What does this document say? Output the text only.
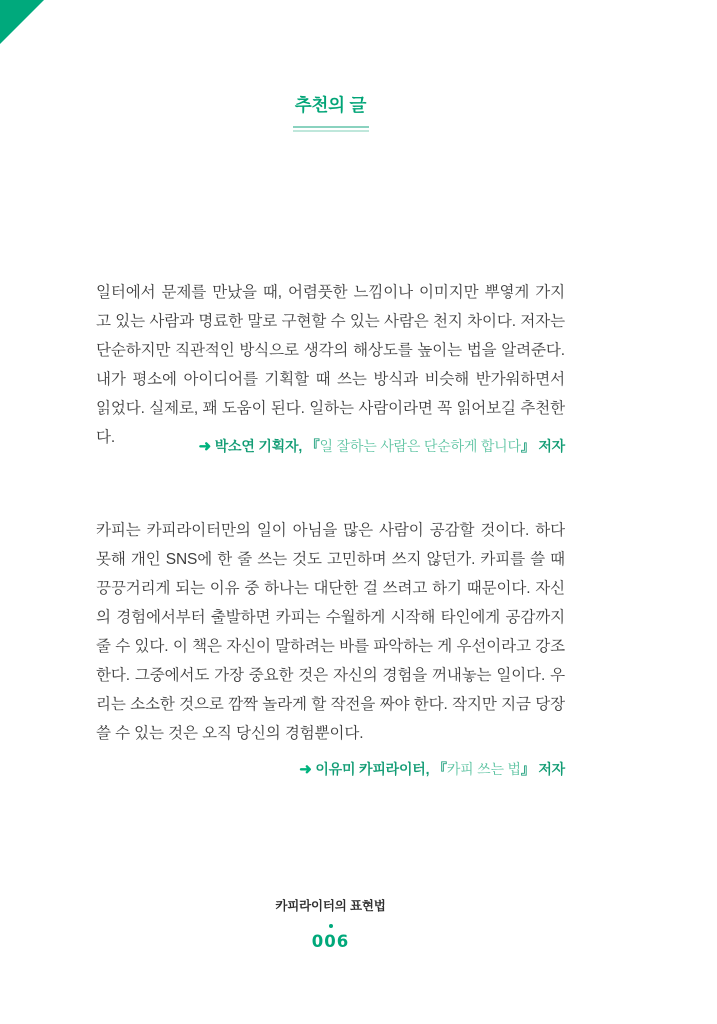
추천의 글
일터에서 문제를 만났을 때, 어렴풋한 느낌이나 이미지만 뿌옇게 가지고 있는 사람과 명료한 말로 구현할 수 있는 사람은 천지 차이다. 저자는 단순하지만 직관적인 방식으로 생각의 해상도를 높이는 법을 알려준다. 내가 평소에 아이디어를 기획할 때 쓰는 방식과 비슷해 반가워하면서 읽었다. 실제로, 꽤 도움이 된다. 일하는 사람이라면 꼭 읽어보길 추천한다.
➜ 박소연 기획자, 『일 잘하는 사람은 단순하게 합니다』 저자
카피는 카피라이터만의 일이 아님을 많은 사람이 공감할 것이다. 하다못해 개인 SNS에 한 줄 쓰는 것도 고민하며 쓰지 않던가. 카피를 쓸 때 끙끙거리게 되는 이유 중 하나는 대단한 걸 쓰려고 하기 때문이다. 자신의 경험에서부터 출발하면 카피는 수월하게 시작해 타인에게 공감까지 줄 수 있다. 이 책은 자신이 말하려는 바를 파악하는 게 우선이라고 강조한다. 그중에서도 가장 중요한 것은 자신의 경험을 꺼내놓는 일이다. 우리는 소소한 것으로 깜짝 놀라게 할 작전을 짜야 한다. 작지만 지금 당장 쓸 수 있는 것은 오직 당신의 경험뿐이다.
➜ 이유미 카피라이터, 『카피 쓰는 법』 저자
카피라이터의 표현법
006
